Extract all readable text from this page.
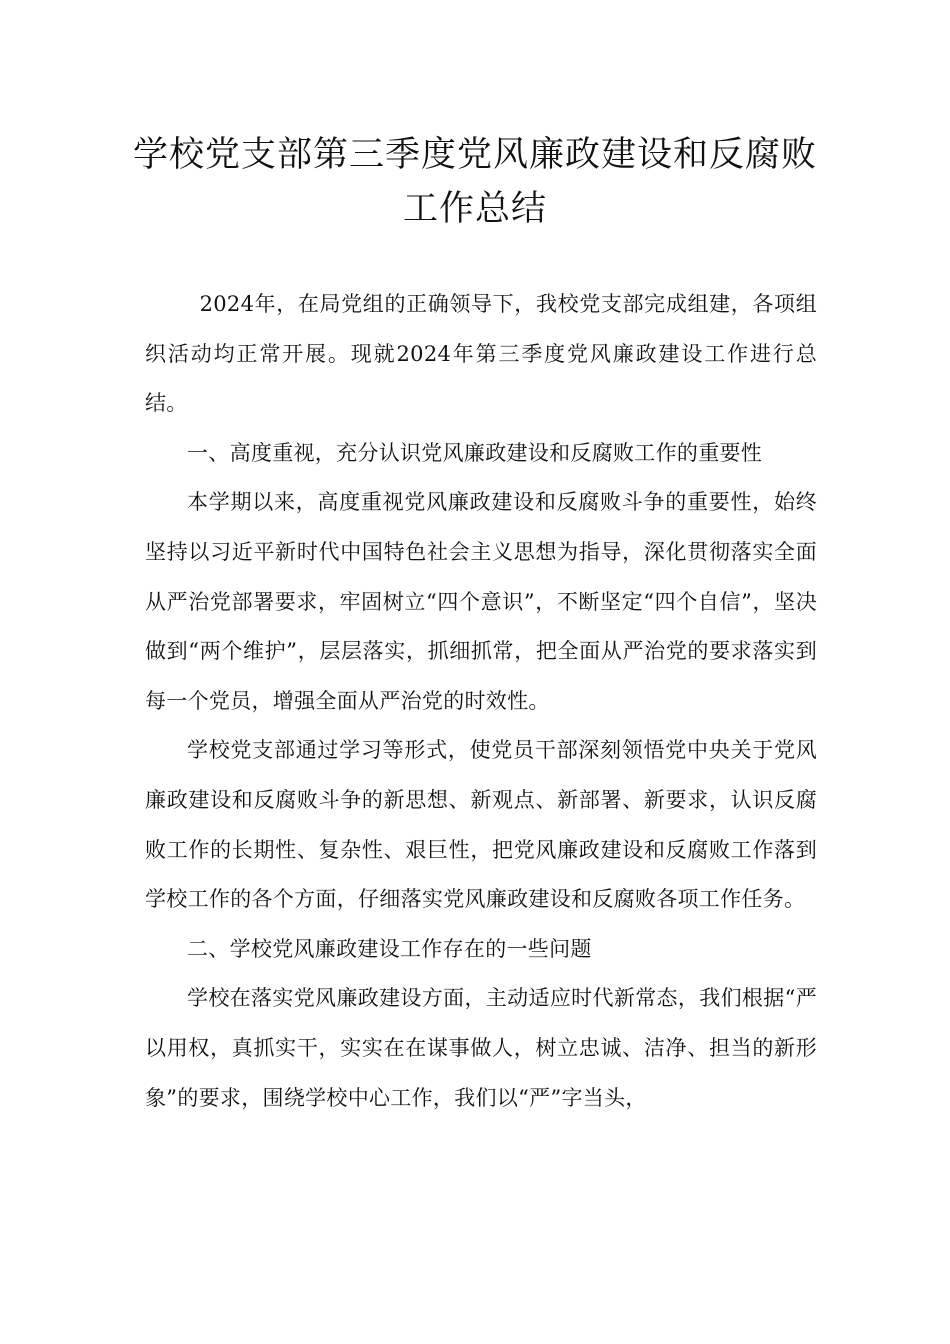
学校党支部第三季度党风廉政建设和反腐败工作总结

2024年，在局党组的正确领导下，我校党支部完成组建，各项组织活动均正常开展。现就2024年第三季度党风廉政建设工作进行总结。

一、高度重视，充分认识党风廉政建设和反腐败工作的重要性

本学期以来，高度重视党风廉政建设和反腐败斗争的重要性，始终坚持以习近平新时代中国特色社会主义思想为指导，深化贯彻落实全面从严治党部署要求，牢固树立“四个意识”，不断坚定“四个自信”，坚决做到“两个维护”，层层落实，抓细抓常，把全面从严治党的要求落实到每一个党员，增强全面从严治党的时效性。

学校党支部通过学习等形式，使党员干部深刻领悟党中央关于党风廉政建设和反腐败斗争的新思想、新观点、新部署、新要求，认识反腐败工作的长期性、复杂性、艰巨性，把党风廉政建设和反腐败工作落到学校工作的各个方面，仔细落实党风廉政建设和反腐败各项工作任务。

二、学校党风廉政建设工作存在的一些问题

学校在落实党风廉政建设方面，主动适应时代新常态，我们根据“严以用权，真抓实干，实实在在谋事做人，树立忠诚、洁净、担当的新形象”的要求，围绕学校中心工作，我们以“严”字当头，
